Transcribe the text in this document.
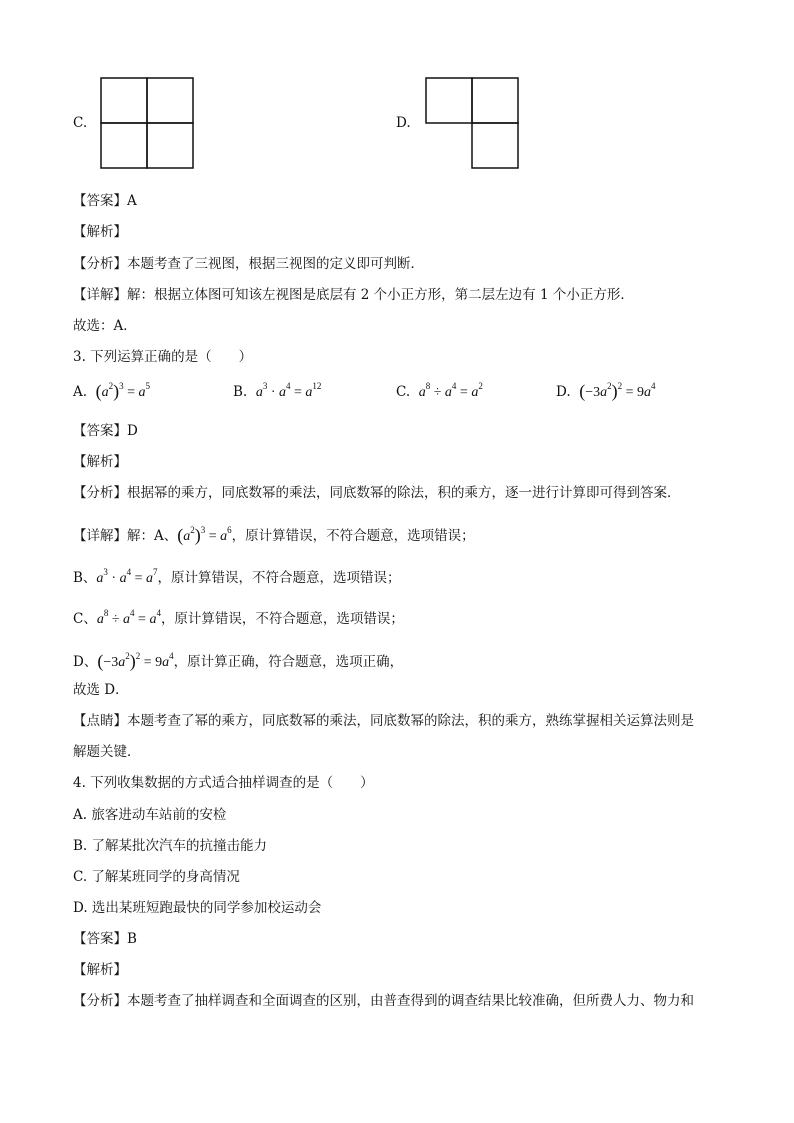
C.	D.
【答案】A
【解析】
【分析】本题考查了三视图，根据三视图的定义即可判断．
【详解】解：根据立体图可知该左视图是底层有 2 个小正方形，第二层左边有 1 个小正方形．
故选：A．
3. 下列运算正确的是（　　）
A. $(a^2)^3 = a^5$	B.  $a^3 \cdot a^4 = a^{12}$	C.  $a^8 \div a^4 = a^2$	D. $(-3a^2)^2 = 9a^4$
【答案】D
【解析】
【分析】根据幂的乘方，同底数幂的乘法，同底数幂的除法，积的乘方，逐一进行计算即可得到答案．
【详解】解：A、$(a^2)^3 = a^6$，原计算错误，不符合题意，选项错误；
B、$a^3 \cdot a^4 = a^7$，原计算错误，不符合题意，选项错误；
C、$a^8 \div a^4 = a^4$，原计算错误，不符合题意，选项错误；
D、$(-3a^2)^2 = 9a^4$，原计算正确，符合题意，选项正确，
故选 D．
【点睛】本题考查了幂的乘方，同底数幂的乘法，同底数幂的除法，积的乘方，熟练掌握相关运算法则是
解题关键．
4. 下列收集数据的方式适合抽样调查的是（　　）
A. 旅客进动车站前的安检
B. 了解某批次汽车的抗撞击能力
C. 了解某班同学的身高情况
D. 选出某班短跑最快的同学参加校运动会
【答案】B
【解析】
【分析】本题考查了抽样调查和全面调查的区别，由普查得到的调查结果比较准确，但所费人力、物力和
